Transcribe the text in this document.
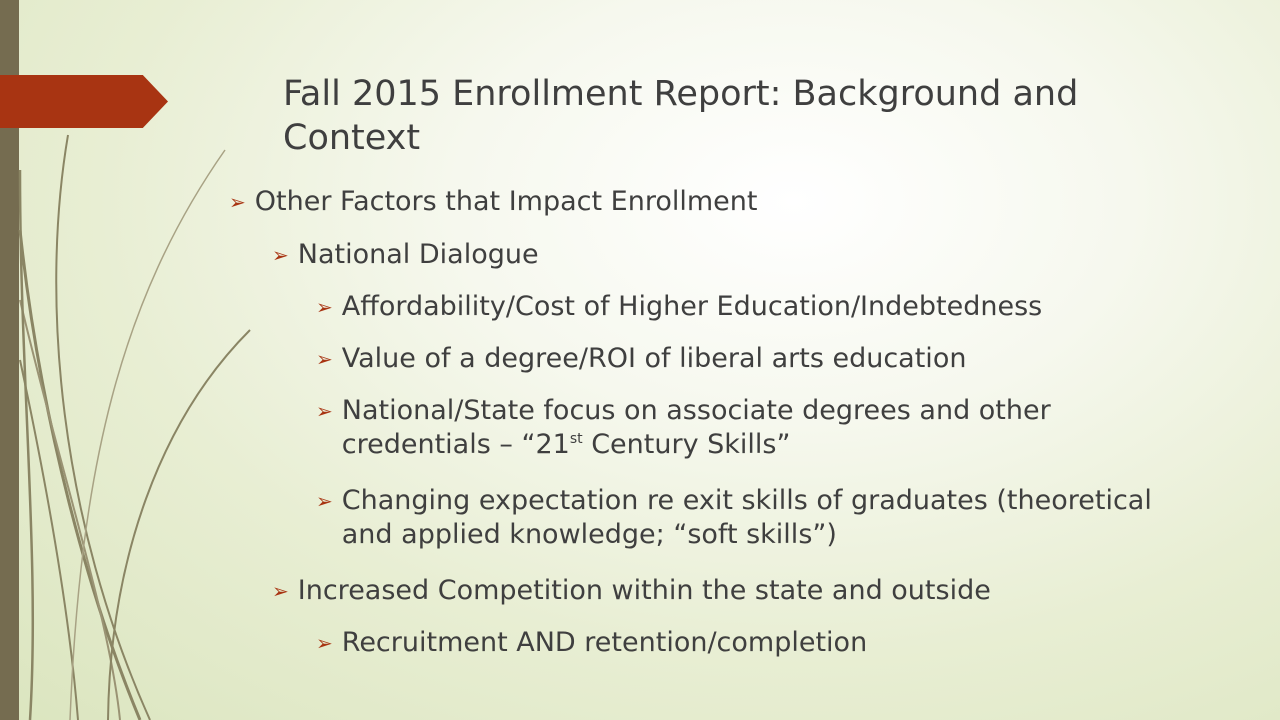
Fall 2015 Enrollment Report: Background and Context
➢ Other Factors that Impact Enrollment
➢ National Dialogue
➢ Affordability/Cost of Higher Education/Indebtedness
➢ Value of a degree/ROI of liberal arts education
➢ National/State focus on associate degrees and other credentials – “21st Century Skills”
➢ Changing expectation re exit skills of graduates (theoretical and applied knowledge; “soft skills”)
➢ Increased Competition within the state and outside
➢ Recruitment AND retention/completion
